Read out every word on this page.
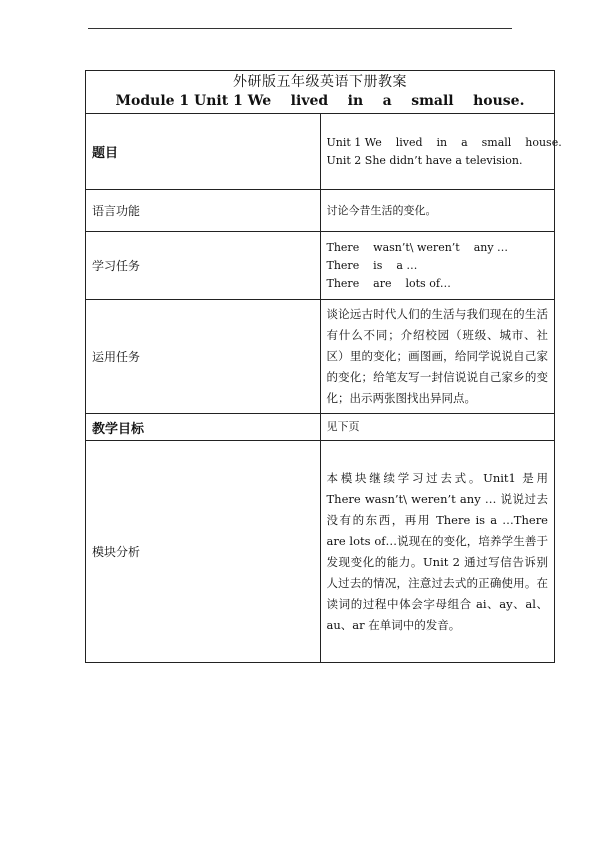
外研版五年级英语下册教案
Module 1 Unit 1 We    lived    in    a    small    house.	

题目	Unit 1 We    lived    in    a    small    house.
Unit 2 She didn’t have a television.

语言功能	讨论今昔生活的变化。
学习任务	There    wasn’t\ weren’t    any …
There    is    a …
There    are    lots of…

运用任务	谈论远古时代人们的生活与我们现在的生活有什么不同；介绍校园（班级、城市、社区）里的变化；画图画，给同学说说自己家的变化；给笔友写一封信说说自己家乡的变化；出示两张图找出异同点。

教学目标	见下页
模块分析	本模块继续学习过去式。Unit1 是用 There wasn’t\ weren’t any … 说说过去没有的东西，再用 There is a …There are lots of…说现在的变化，培养学生善于发现变化的能力。Unit 2 通过写信告诉别人过去的情况，注意过去式的正确使用。在读词的过程中体会字母组合 ai、ay、al、au、ar 在单词中的发音。
